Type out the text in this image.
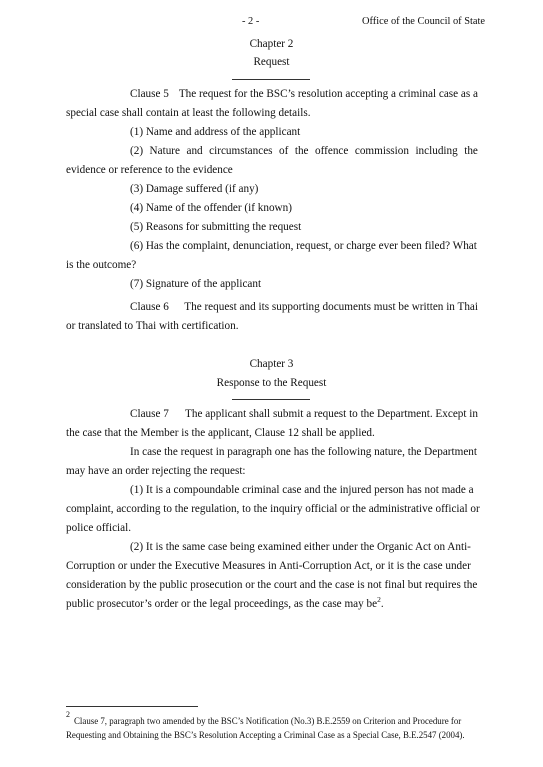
- 2 -	Office of the Council of State
Chapter 2
Request
Clause 5 The request for the BSC’s resolution accepting a criminal case as a
special case shall contain at least the following details.
(1) Name and address of the applicant
(2) Nature and circumstances of the offence commission including the
evidence or reference to the evidence
(3) Damage suffered (if any)
(4) Name of the offender (if known)
(5) Reasons for submitting the request
(6) Has the complaint, denunciation, request, or charge ever been filed? What
is the outcome?
(7) Signature of the applicant
Clause 6 The request and its supporting documents must be written in Thai
or translated to Thai with certification.
Chapter 3
Response to the Request
Clause 7 The applicant shall submit a request to the Department. Except in
the case that the Member is the applicant, Clause 12 shall be applied.
In case the request in paragraph one has the following nature, the Department
may have an order rejecting the request:
(1) It is a compoundable criminal case and the injured person has not made a
complaint, according to the regulation, to the inquiry official or the administrative official or
police official.
(2) It is the same case being examined either under the Organic Act on Anti-
Corruption or under the Executive Measures in Anti-Corruption Act, or it is the case under
consideration by the public prosecution or the court and the case is not final but requires the
public prosecutor’s order or the legal proceedings, as the case may $be^2$.
2
Clause 7, paragraph two amended by the BSC’s Notification (No.3) B.E.2559 on Criterion and Procedure for
Requesting and Obtaining the BSC’s Resolution Accepting a Criminal Case as a Special Case, B.E.2547 (2004).
